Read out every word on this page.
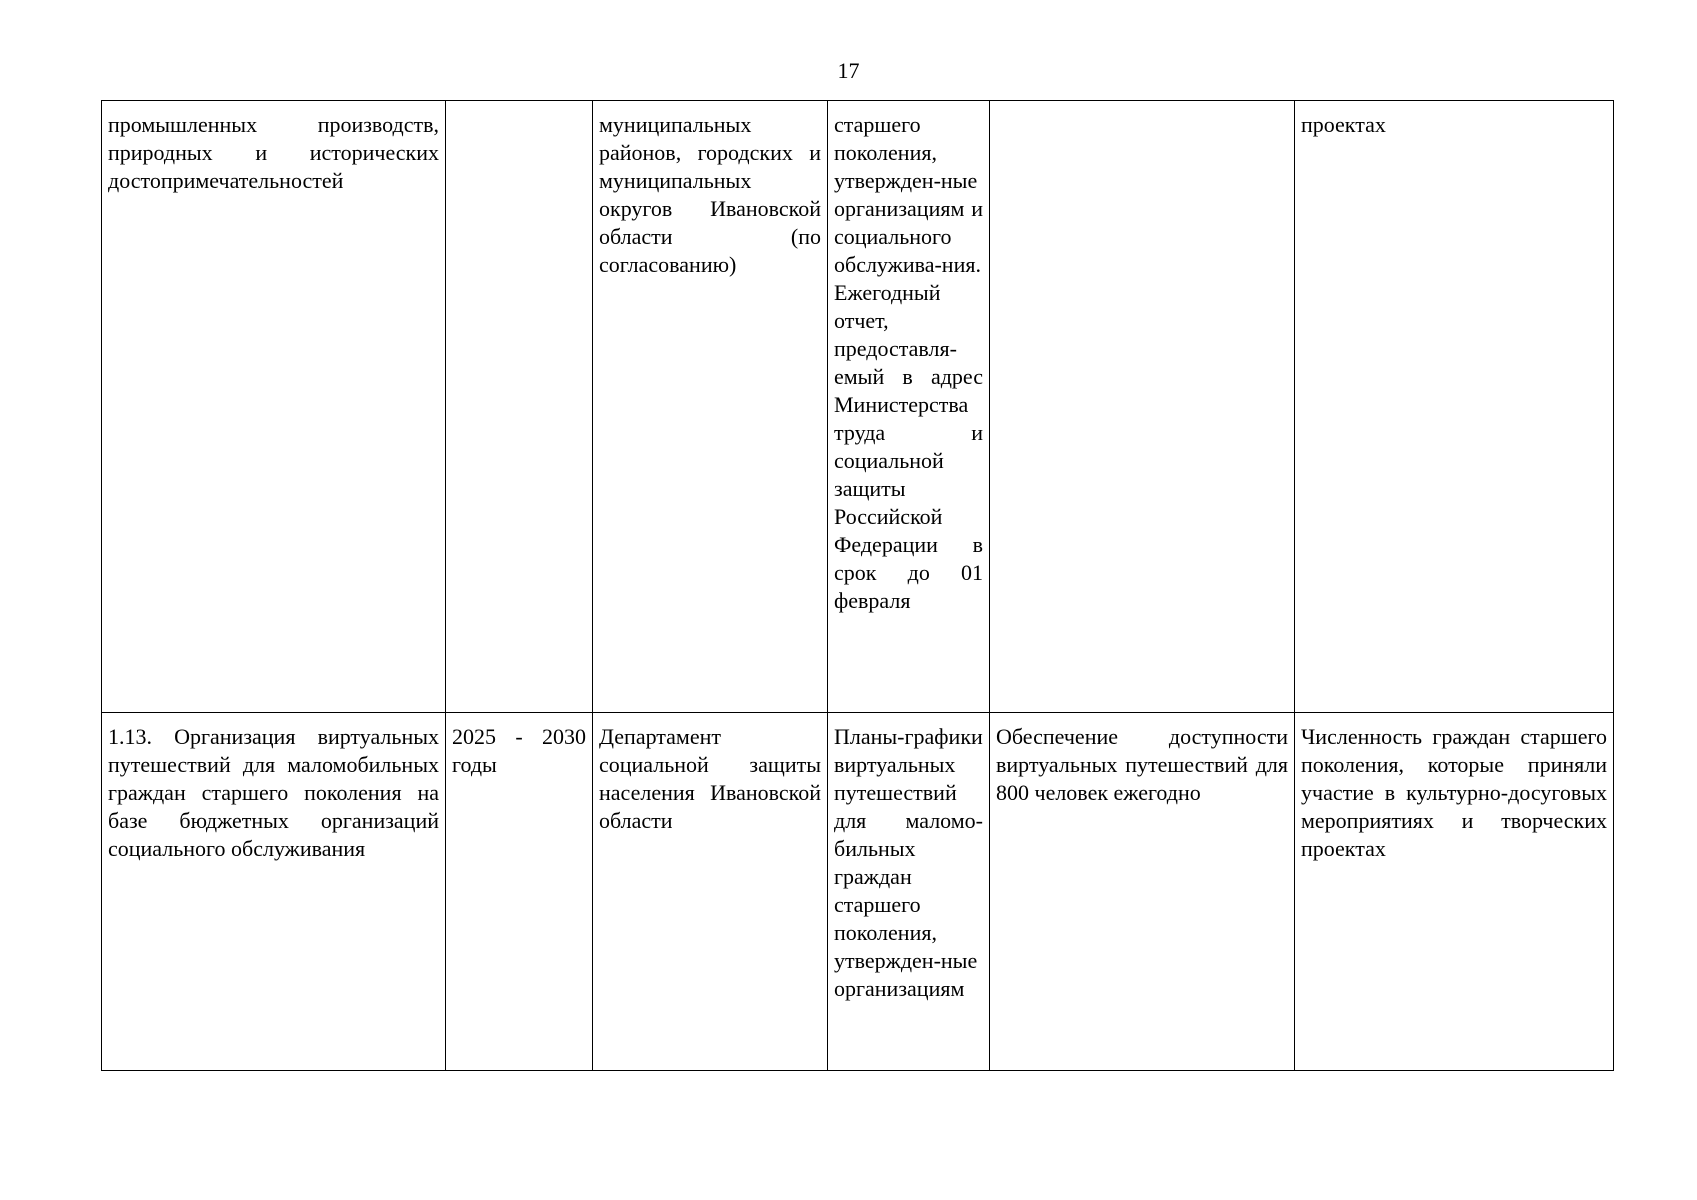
17
промышленных производств, природных и исторических достопримечательностей		муниципальных районов, городских и муниципальных округов Ивановской области (по согласованию)	старшего поколения, утвержден-ные организациям и социального обслужива-ния. Ежегодный отчет, предоставля-емый в адрес Министерства труда и социальной защиты Российской Федерации в срок до 01 февраля		проектах

1.13. Организация виртуальных путешествий для маломобильных граждан старшего поколения на базе бюджетных организаций социального обслуживания	2025 - 2030 годы	Департамент социальной защиты населения Ивановской области	Планы-графики виртуальных путешествий для маломо-бильных граждан старшего поколения, утвержден-ные организациям	Обеспечение доступности виртуальных путешествий для 800 человек ежегодно	Численность граждан старшего поколения, которые приняли участие в культурно-досуговых мероприятиях и творческих проектах
